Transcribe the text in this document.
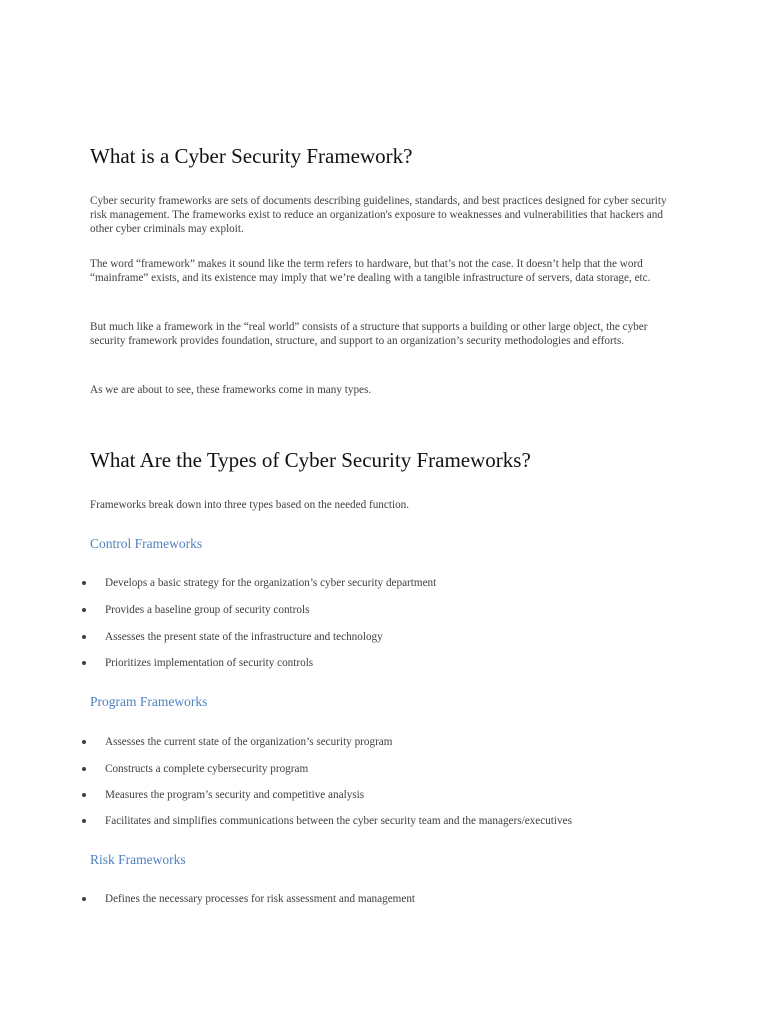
What is a Cyber Security Framework?

Cyber security frameworks are sets of documents describing guidelines, standards, and best practices designed for cyber security risk management. The frameworks exist to reduce an organization's exposure to weaknesses and vulnerabilities that hackers and other cyber criminals may exploit.

The word “framework” makes it sound like the term refers to hardware, but that’s not the case. It doesn’t help that the word “mainframe” exists, and its existence may imply that we’re dealing with a tangible infrastructure of servers, data storage, etc.

But much like a framework in the “real world” consists of a structure that supports a building or other large object, the cyber security framework provides foundation, structure, and support to an organization’s security methodologies and efforts.

As we are about to see, these frameworks come in many types.

What Are the Types of Cyber Security Frameworks?

Frameworks break down into three types based on the needed function.

Control Frameworks
Develops a basic strategy for the organization’s cyber security department
Provides a baseline group of security controls
Assesses the present state of the infrastructure and technology
Prioritizes implementation of security controls
Program Frameworks
Assesses the current state of the organization’s security program
Constructs a complete cybersecurity program
Measures the program’s security and competitive analysis
Facilitates and simplifies communications between the cyber security team and the managers/executives
Risk Frameworks
Defines the necessary processes for risk assessment and management
